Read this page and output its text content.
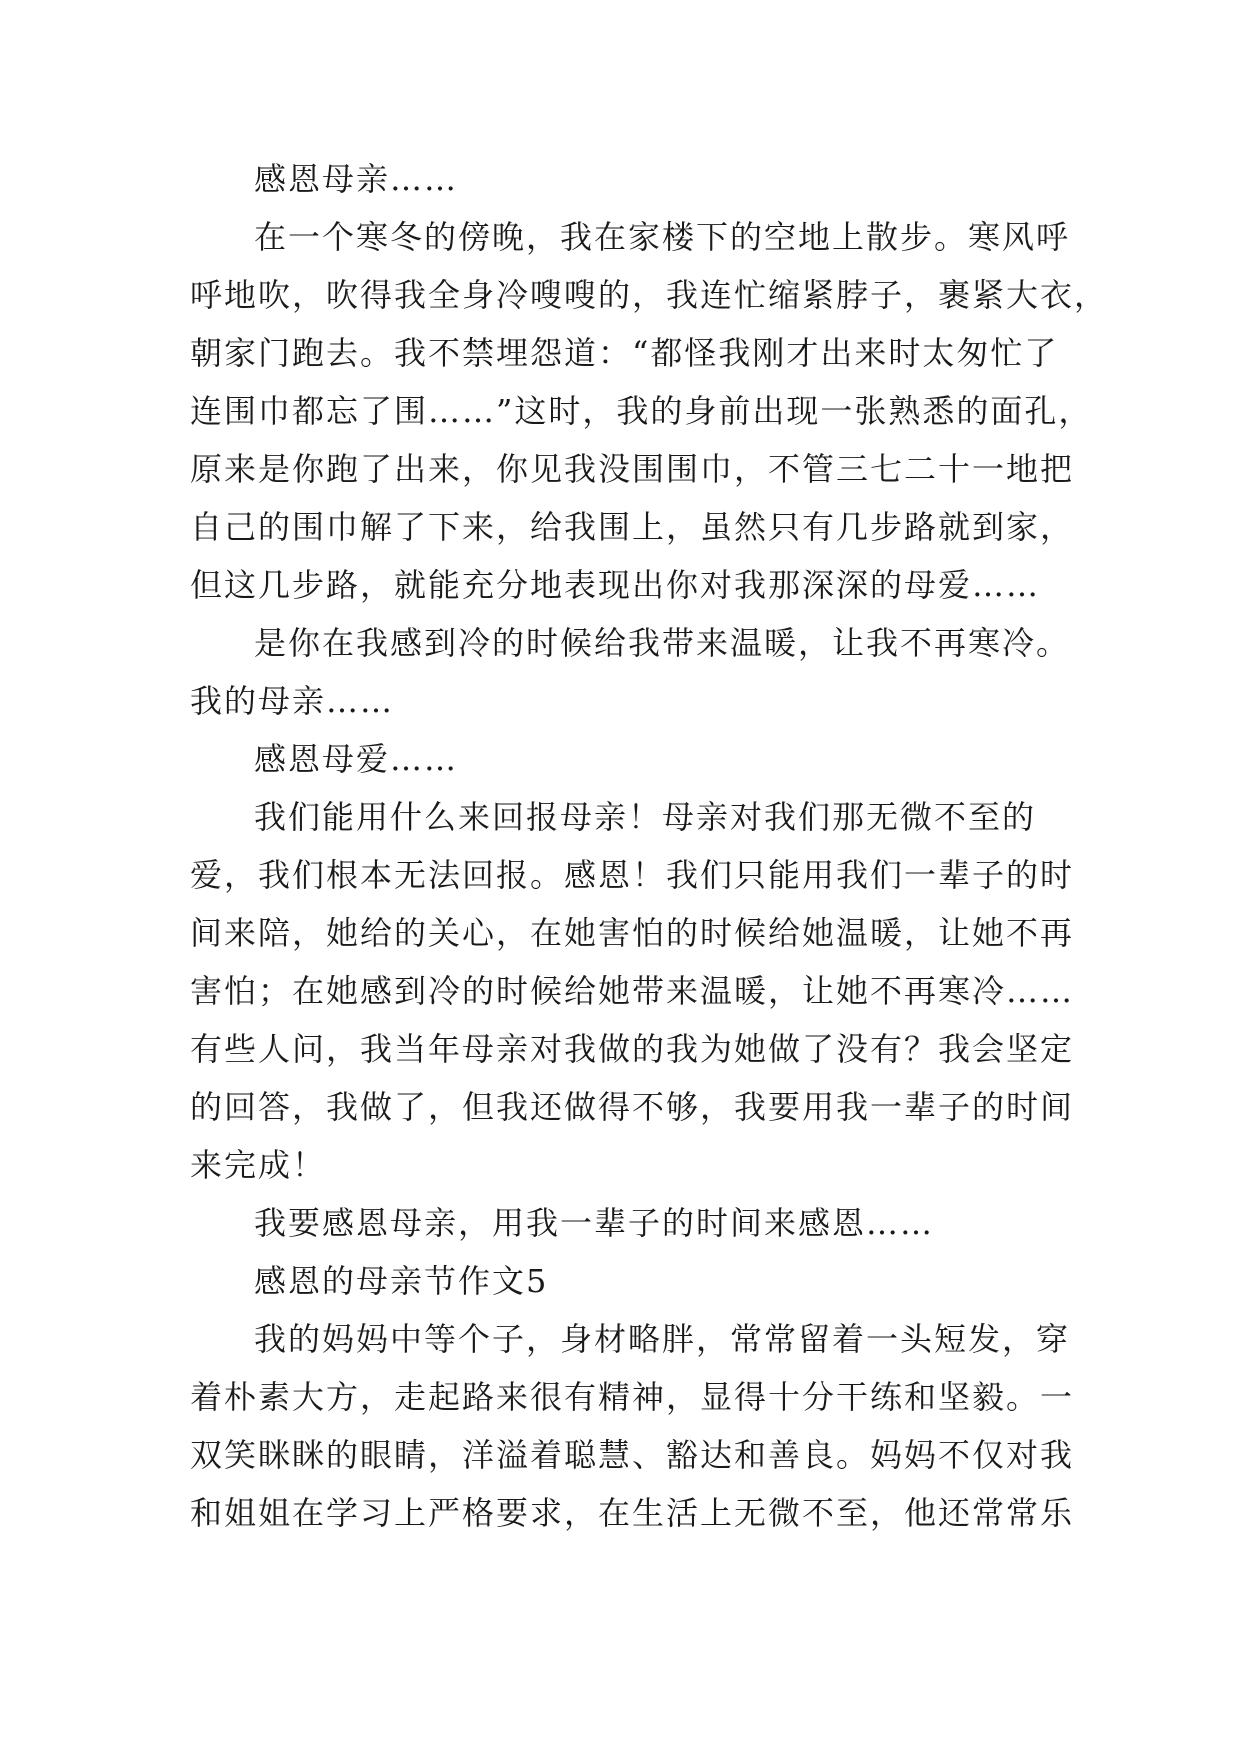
感恩母亲……
在一个寒冬的傍晚，我在家楼下的空地上散步。寒风呼
呼地吹，吹得我全身冷嗖嗖的，我连忙缩紧脖子，裹紧大衣，
朝家门跑去。我不禁埋怨道：“都怪我刚才出来时太匆忙了
连围巾都忘了围……”这时，我的身前出现一张熟悉的面孔，
原来是你跑了出来，你见我没围围巾，不管三七二十一地把
自己的围巾解了下来，给我围上，虽然只有几步路就到家，
但这几步路，就能充分地表现出你对我那深深的母爱……
是你在我感到冷的时候给我带来温暖，让我不再寒冷。
我的母亲……
感恩母爱……
我们能用什么来回报母亲！母亲对我们那无微不至的
爱，我们根本无法回报。感恩！我们只能用我们一辈子的时
间来陪，她给的关心，在她害怕的时候给她温暖，让她不再
害怕；在她感到冷的时候给她带来温暖，让她不再寒冷……
有些人问，我当年母亲对我做的我为她做了没有？我会坚定
的回答，我做了，但我还做得不够，我要用我一辈子的时间
来完成！
我要感恩母亲，用我一辈子的时间来感恩……
感恩的母亲节作文5
我的妈妈中等个子，身材略胖，常常留着一头短发，穿
着朴素大方，走起路来很有精神，显得十分干练和坚毅。一
双笑眯眯的眼睛，洋溢着聪慧、豁达和善良。妈妈不仅对我
和姐姐在学习上严格要求，在生活上无微不至，他还常常乐
